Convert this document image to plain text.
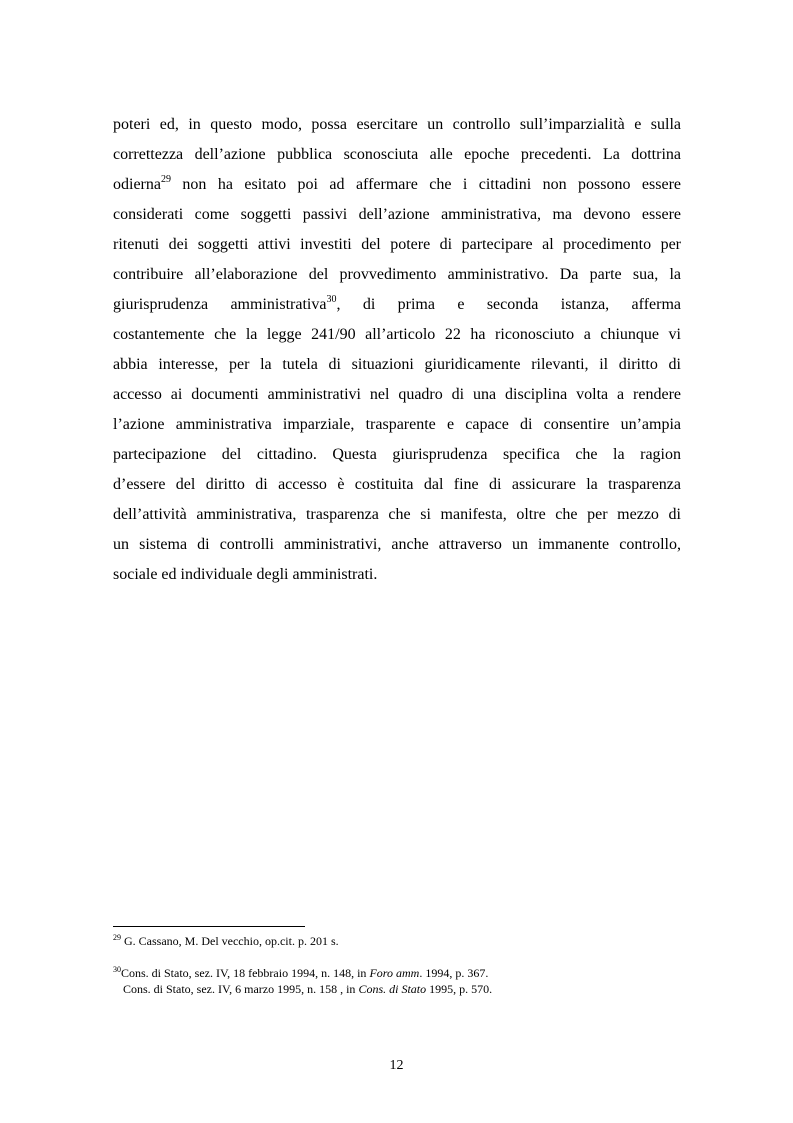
poteri ed, in questo modo, possa esercitare un controllo sull’imparzialità e sulla
correttezza dell’azione pubblica sconosciuta alle epoche precedenti. La dottrina
odierna$^{29}$ non ha esitato poi ad affermare che i cittadini non possono essere
considerati come soggetti passivi dell’azione amministrativa, ma devono essere
ritenuti dei soggetti attivi investiti del potere di partecipare al procedimento per
contribuire all’elaborazione del provvedimento amministrativo. Da parte sua, la
giurisprudenza amministrativa$^{30}$, di prima e seconda istanza, afferma
costantemente che la legge 241/90 all’articolo 22 ha riconosciuto a chiunque vi
abbia interesse, per la tutela di situazioni giuridicamente rilevanti, il diritto di
accesso ai documenti amministrativi nel quadro di una disciplina volta a rendere
l’azione amministrativa imparziale, trasparente e capace di consentire un’ampia
partecipazione del cittadino. Questa giurisprudenza specifica che la ragion
d’essere del diritto di accesso è costituita dal fine di assicurare la trasparenza
dell’attività amministrativa, trasparenza che si manifesta, oltre che per mezzo di
un sistema di controlli amministrativi, anche attraverso un immanente controllo,
sociale ed individuale degli amministrati.
$^{29}$ G. Cassano, M. Del vecchio, op.cit. p. 201 s.
$^{30}$Cons. di Stato, sez. IV, 18 febbraio 1994, n. 148, in Foro amm. 1994, p. 367.
Cons. di Stato, sez. IV, 6 marzo 1995, n. 158 , in Cons. di Stato 1995, p. 570.
12
